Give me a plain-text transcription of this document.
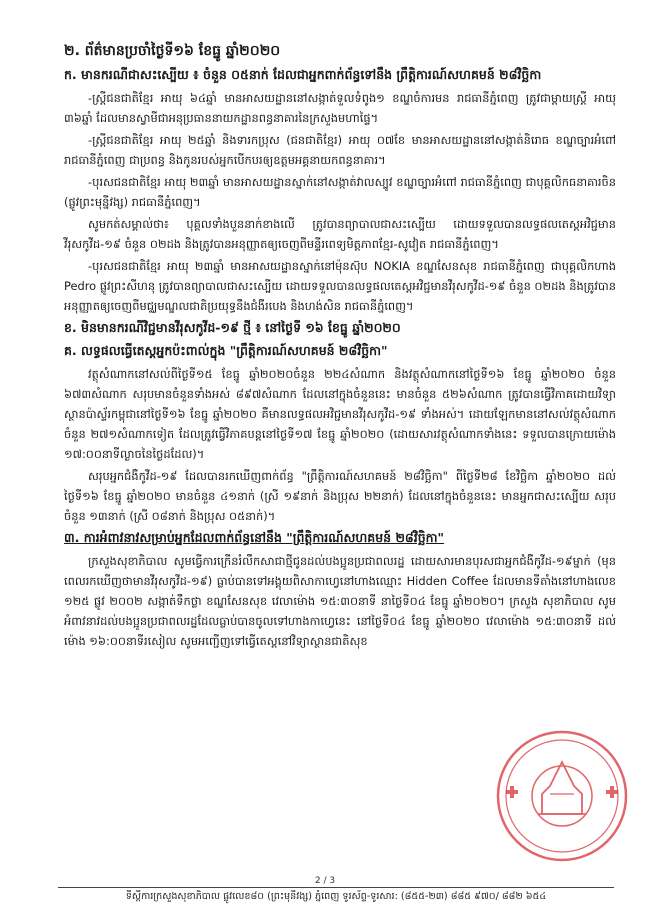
២. ព័ត៌មានប្រចាំថ្ងៃទី១៦ ខែធ្នូ ឆ្នាំ២០២០
ក. មានករណីជាសះស្បើយ ៖ ចំនួន ០៥នាក់ ដែលជាអ្នកពាក់ព័ន្ធទៅនឹង ព្រឹត្តិការណ៍សហគមន៍ ២៨វិច្ឆិកា

-ស្ត្រីជនជាតិខ្មែរ អាយុ ៦៤ឆ្នាំ មានអាសយដ្ឋាននៅសង្កាត់ទួលទំពូង១ ខណ្ឌចំការមន រាជធានីភ្នំពេញ ត្រូវជាម្ដាយស្ត្រី អាយុ ៣៦ឆ្នាំ ដែលមានស្វាមីជាអនុប្រធាននាយកដ្ឋានពន្ធនាគារនៃក្រសួងមហាផ្ទៃ។

-ស្ត្រីជនជាតិខ្មែរ អាយុ ២៥ឆ្នាំ និងទារកប្រុស (ជនជាតិខ្មែរ) អាយុ ០៧ខែ មានអាសយដ្ឋាននៅសង្កាត់និរោធ ខណ្ឌច្បារអំពៅ រាជធានីភ្នំពេញ ជាប្រពន្ធ និងកូនរបស់អ្នកបើកបរឲ្យឧត្តមអគ្គនាយកពន្ធនាគារ។

-បុរសជនជាតិខ្មែរ អាយុ ២៣ឆ្នាំ មានអាសយដ្ឋានស្នាក់នៅសង្កាត់វាលស្បូវ ខណ្ឌច្បារអំពៅ រាជធានីភ្នំពេញ ជាបុគ្គលិកធនាគារចិន (ផ្លូវព្រះមុន្នីវង្ស) រាជធានីភ្នំពេញ។

សូមកត់សម្គាល់ថា៖ បុគ្គលទាំងបួននាក់ខាងលើ ត្រូវបានព្យាបាលជាសះស្បើយ ដោយទទួលបានលទ្ធផលតេស្តអវិជ្ជមានវីរុសកូវីដ-១៩ ចំនួន ០២ដង និងត្រូវបានអនុញ្ញាតឲ្យចេញពីមន្ទីរពេទ្យមិត្តភាពខ្មែរ-សូវៀត រាជធានីភ្នំពេញ។

-បុរសជនជាតិខ្មែរ អាយុ ២៣ឆ្នាំ មានអាសយដ្ឋានស្នាក់នៅម៉ុនស៊ុប NOKIA ខណ្ឌសែនសុខ រាជធានីភ្នំពេញ ជាបុគ្គលិកហាង Pedro ផ្លូវព្រះសីហនុ ត្រូវបានព្យាបាលជាសះស្បើយ ដោយទទួលបានលទ្ធផលតេស្តអវិជ្ជមានវីរុសកូវីដ-១៩ ចំនួន ០២ដង និងត្រូវបានអនុញ្ញាតឲ្យចេញពីមជ្ឈមណ្ឌលជាតិប្រយុទ្ធនឹងជំងឺរបេង និងហង់សិន រាជធានីភ្នំពេញ។

ខ. មិនមានករណីវិជ្ជមានវីរុសកូវីដ-១៩ ថ្មី ៖ នៅថ្ងៃទី ១៦ ខែធ្នូ ឆ្នាំ២០២០
គ. លទ្ធផលធ្វើតេស្តអ្នកប៉ះពាល់ក្នុង "ព្រឹត្តិការណ៍សហគមន៍ ២៨វិច្ឆិកា"

វត្ថុសំណាកនៅសល់ពីថ្ងៃទី១៥ ខែធ្នូ ឆ្នាំ២០២០ចំនួន ២២៤សំណាក និងវត្ថុសំណាកនៅថ្ងៃទី១៦ ខែធ្នូ ឆ្នាំ២០២០ ចំនួន ៦៧៣សំណាក សរុបមានចំនួនទាំងអស់ ៨៩៧សំណាក ដែលនៅក្នុងចំនួននេះ មានចំនួន ៥២៦សំណាក ត្រូវបានធ្វើវិភាគដោយវិទ្យាស្ថានប៉ាស្ទ័រកម្ពុជានៅថ្ងៃទី១៦ ខែធ្នូ ឆ្នាំ២០២០ គឺមានលទ្ធផលអវិជ្ជមានវីរុសកូវីដ-១៩ ទាំងអស់។ ដោយឡែកមាននៅសល់វត្ថុសំណាកចំនួន ២៧១សំណាកទៀត ដែលត្រូវធ្វើវិភាគបន្តនៅថ្ងៃទី១៧ ខែធ្នូ ឆ្នាំ២០២០ (ដោយសារវត្ថុសំណាកទាំងនេះ ទទួលបានក្រោយម៉ោង ១៧:០០នាទីល្ងាចនៃថ្ងៃដដែល)។

សរុបអ្នកជំងឺកូវីដ-១៩ ដែលបានរកឃើញពាក់ព័ន្ធ "ព្រឹត្តិការណ៍សហគមន៍ ២៨វិច្ឆិកា" ពីថ្ងៃទី២៨ ខែវិច្ឆិកា ឆ្នាំ២០២០ ដល់ថ្ងៃទី១៦ ខែធ្នូ ឆ្នាំ២០២០ មានចំនួន ៤១នាក់ (ស្រី ១៩នាក់ និងប្រុស ២២នាក់) ដែលនៅក្នុងចំនួននេះ មានអ្នកជាសះស្បើយ សរុបចំនួន ១៣នាក់ (ស្រី ០៨នាក់ និងប្រុស ០៥នាក់)។

៣. ការអំពាវនាវសម្រាប់អ្នកដែលពាក់ព័ន្ធនៅនឹង "ព្រឹត្តិការណ៍សហគមន៍ ២៨វិច្ឆិកា"

ក្រសួងសុខាភិបាល សូមធ្វើការក្រើនរំលឹកសាជាថ្មីជូនដល់បងប្អូនប្រជាពលរដ្ឋ ដោយសារមានបុរសជាអ្នកជំងឺកូវីដ-១៩ម្នាក់ (មុនពេលរកឃើញថាមានវីរុសកូវីដ-១៩) ធ្លាប់បានទៅអង្គុយពិសាកាហ្វេនៅហាងឈ្មោះ Hidden Coffee ដែលមានទីតាំងនៅហាងលេខ ១២៥ ផ្លូវ ២០០២ សង្កាត់ទឹកថ្លា ខណ្ឌសែនសុខ វេលាម៉ោង ១៥:៣០នាទី នាថ្ងៃទី០៤ ខែធ្នូ ឆ្នាំ២០២០។ ក្រសួង សុខាភិបាល សូមអំពាវនាវដល់បងប្អូនប្រជាពលរដ្ឋដែលធ្លាប់បានចូលទៅហាងកាហ្វេនេះ នៅថ្ងៃទី០៤ ខែធ្នូ ឆ្នាំ២០២០ វេលាម៉ោង ១៥:៣០នាទី ដល់ម៉ោង ១៦:០០នាទីរសៀល សូមអញ្ជើញទៅធ្វើតេស្តនៅវិទ្យាស្ថានជាតិសុខ

2 / 3
ទីស្តីការក្រសួងសុខាភិបាល ផ្លូវលេខ៨០ (ព្រះមុនីវង្ស) ភ្នំពេញ ទូរស័ព្ទ-ទូរសារ: (៨៥៥-២៣) ៨៨៥ ៩៧០/ ៨៨២ ៦៥៤
